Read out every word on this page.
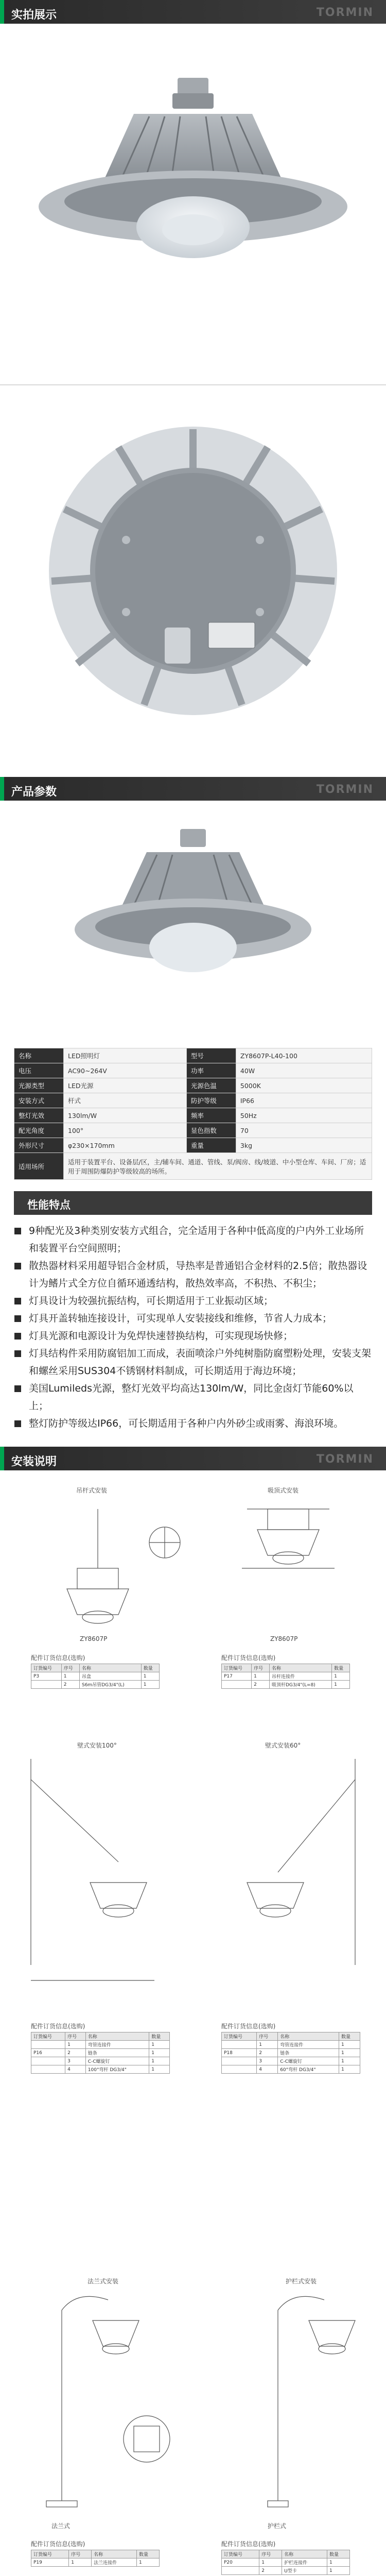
实拍展示	TORMIN
产品参数	TORMIN
名称	LED照明灯	型号	ZY8607P-L40-100
电压	AC90~264V	功率	40W
光源类型	LED光源	光源色温	5000K
安装方式	杆式	防护等级	IP66
整灯光效	130lm/W	频率	50Hz
配光角度	100°	显色指数	70
外形尺寸	φ230×170mm	重量	3kg
适用场所	适用于装置平台、设备层/区，主/辅车间、通道、管线、泵/阀房、线/坡道、中小型仓库、车间、厂房；适用于周围防爆防护等级较高的场所。		
性能特点
9种配光及3种类别安装方式组合，完全适用于各种中低高度的户内外工业场所和装置平台空间照明；
散热器材料采用超导铝合金材质，导热率是普通铝合金材料的2.5倍；散热器设计为鳍片式全方位自循环通透结构，散热效率高，不积热、不积尘；
灯具设计为较强抗振结构，可长期适用于工业振动区域；
灯具开盖转轴连接设计，可实现单人安装接线和维修，节省人力成本；
灯具光源和电源设计为免焊快速替换结构，可实现现场快修；
灯具结构件采用防腐铝加工而成，表面喷涂户外纯树脂防腐塑粉处理，安装支架和螺丝采用SUS304不锈钢材料制成，可长期适用于海边环境；
美国Lumileds光源，整灯光效平均高达130lm/W，同比金卤灯节能60%以上；
整灯防护等级达IP66，可长期适用于各种户内外砂尘或雨雾、海浪环境。
安装说明	TORMIN
吊杆式安装	吸顶式安装
ZY8607P	ZY8607P
配件订货信息(选购)	配件订货信息(选购)
订货编号	序号	名称	数量
P3	1	吊盒	1
	2	S6m吊管DG3/4"(L)	1
订货编号	序号	名称	数量
P17	1	吊杆连接件	1
	2	吸顶杆DG3/4"(L=8)	1
壁式安装100°	壁式安装60°
配件订货信息(选购)	配件订货信息(选购)
订货编号	序号	名称	数量
	1	弯管连接件	1
P16	2	链条	1
	3	C-C螺旋钉	1
	4	100°弯杆 DG3/4"	1
订货编号	序号	名称	数量
	1	弯管连接件	1
P18	2	链条	1
	3	C-C螺旋钉	1
	4	60°弯杆 DG3/4"	1
法兰式安装	护栏式安装
法兰式	护栏式
配件订货信息(选购)	配件订货信息(选购)
订货编号	序号	名称	数量
P19	1	法兰连接件	1
订货编号	序号	名称	数量
P20	1	护栏连接件	1
	2	U型卡	1
